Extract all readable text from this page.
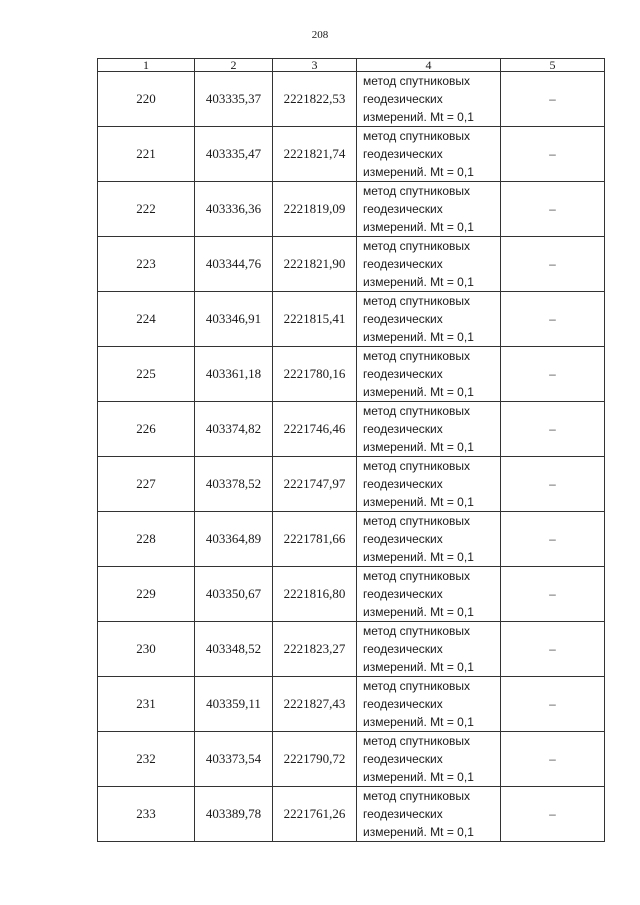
208
1	2	3	4	5
220	403335,37	2221822,53	метод спутниковых
геодезических
измерений. Mt = 0,1	–
221	403335,47	2221821,74	метод спутниковых
геодезических
измерений. Mt = 0,1	–
222	403336,36	2221819,09	метод спутниковых
геодезических
измерений. Mt = 0,1	–
223	403344,76	2221821,90	метод спутниковых
геодезических
измерений. Mt = 0,1	–
224	403346,91	2221815,41	метод спутниковых
геодезических
измерений. Mt = 0,1	–
225	403361,18	2221780,16	метод спутниковых
геодезических
измерений. Mt = 0,1	–
226	403374,82	2221746,46	метод спутниковых
геодезических
измерений. Mt = 0,1	–
227	403378,52	2221747,97	метод спутниковых
геодезических
измерений. Mt = 0,1	–
228	403364,89	2221781,66	метод спутниковых
геодезических
измерений. Mt = 0,1	–
229	403350,67	2221816,80	метод спутниковых
геодезических
измерений. Mt = 0,1	–
230	403348,52	2221823,27	метод спутниковых
геодезических
измерений. Mt = 0,1	–
231	403359,11	2221827,43	метод спутниковых
геодезических
измерений. Mt = 0,1	–
232	403373,54	2221790,72	метод спутниковых
геодезических
измерений. Mt = 0,1	–
233	403389,78	2221761,26	метод спутниковых
геодезических
измерений. Mt = 0,1	–
